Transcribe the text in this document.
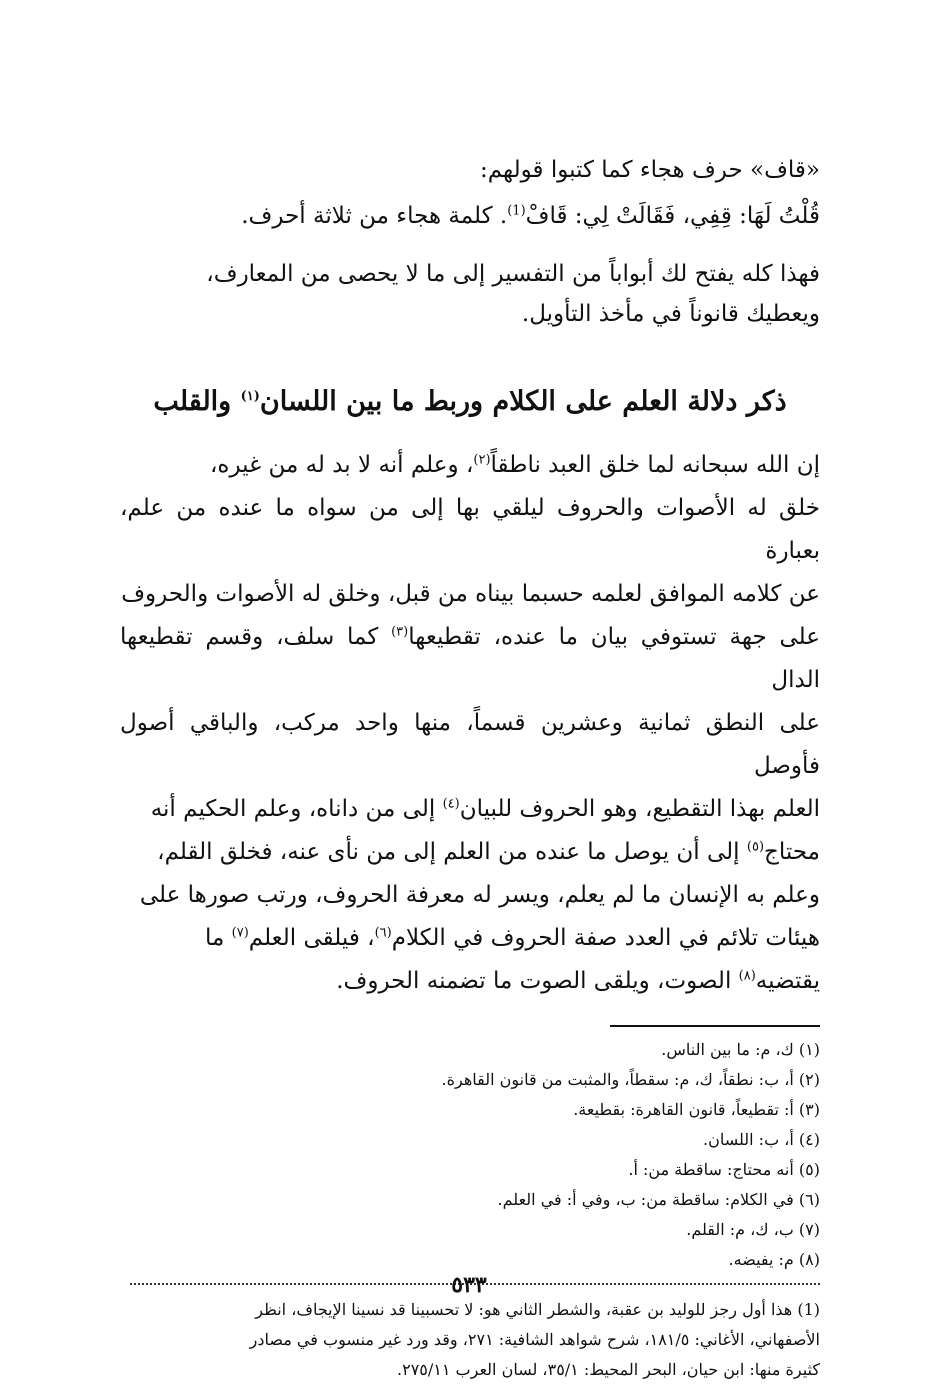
«قاف» حرف هجاء كما كتبوا قولهم:

قُلْتُ لَهَا: قِفِي، فَقَالَتْ لِي: قَافْ$^{(1)}$. كلمة هجاء من ثلاثة أحرف.

فهذا كله يفتح لك أبواباً من التفسير إلى ما لا يحصى من المعارف،

ويعطيك قانوناً في مأخذ التأويل.

ذكر دلالة العلم على الكلام وربط ما بين اللسان$^{(١)}$ والقلب

إن الله سبحانه لما خلق العبد ناطقاً$^{(٢)}$، وعلم أنه لا بد له من غيره،

خلق له الأصوات والحروف ليلقي بها إلى من سواه ما عنده من علم، بعبارة

عن كلامه الموافق لعلمه حسبما بيناه من قبل، وخلق له الأصوات والحروف

على جهة تستوفي بيان ما عنده، تقطيعها$^{(٣)}$ كما سلف، وقسم تقطيعها الدال

على النطق ثمانية وعشرين قسماً، منها واحد مركب، والباقي أصول فأوصل

العلم بهذا التقطيع، وهو الحروف للبيان$^{(٤)}$ إلى من داناه، وعلم الحكيم أنه

محتاج$^{(٥)}$ إلى أن يوصل ما عنده من العلم إلى من نأى عنه، فخلق القلم،

وعلم به الإنسان ما لم يعلم، ويسر له معرفة الحروف، ورتب صورها على

هيئات تلائم في العدد صفة الحروف في الكلام$^{(٦)}$، فيلقى العلم$^{(٧)}$ ما

يقتضيه$^{(٨)}$ الصوت، ويلقى الصوت ما تضمنه الحروف.

(١) ك، م: ما بين الناس.

(٢) أ، ب: نطقاً، ك، م: سقطاً، والمثبت من قانون القاهرة.

(٣) أ: تقطيعاً، قانون القاهرة: بقطيعة.

(٤) أ، ب: اللسان.

(٥) أنه محتاج: ساقطة من: أ.

(٦) في الكلام: ساقطة من: ب، وفي أ: في العلم.

(٧) ب، ك، م: القلم.

(٨) م: يفيضه.

(1) هذا أول رجز للوليد بن عقبة، والشطر الثاني هو: لا تحسبينا قد نسينا الإيجاف، انظر

الأصفهاني، الأغاني: ١٨١/٥، شرح شواهد الشافية: ٢٧١، وقد ورد غير منسوب في مصادر

كثيرة منها: ابن حيان، البحر المحيط: ٣٥/١، لسان العرب ٢٧٥/١١.

٥٣٣
